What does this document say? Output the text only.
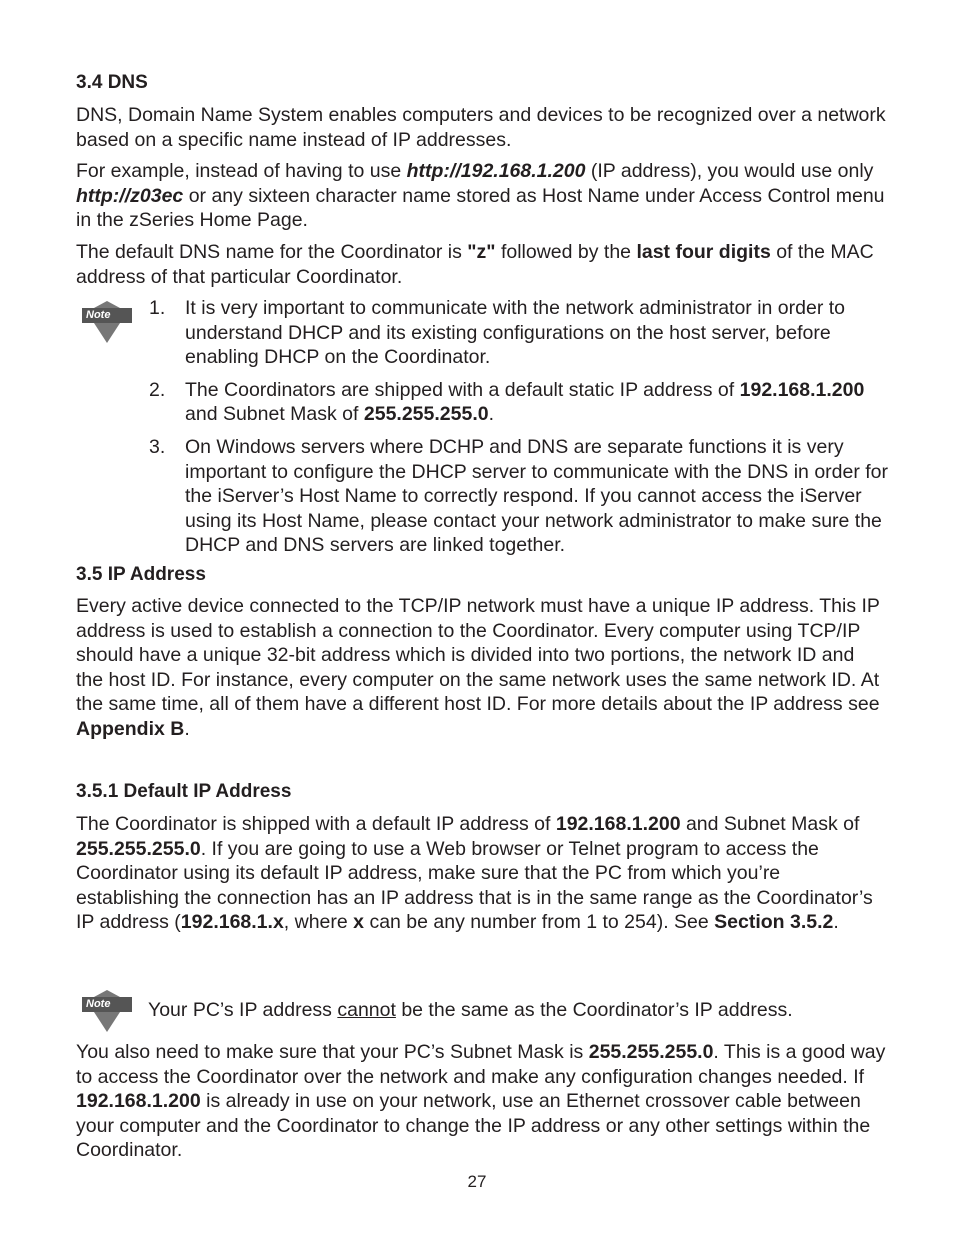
3.4 DNS

DNS, Domain Name System enables computers and devices to be recognized over a network based on a specific name instead of IP addresses.

For example, instead of having to use http://192.168.1.200 (IP address), you would use only http://z03ec or any sixteen character name stored as Host Name under Access Control menu in the zSeries Home Page.

The default DNS name for the Coordinator is "z" followed by the last four digits of the MAC address of that particular Coordinator.

Note	1. It is very important to communicate with the network administrator in order to understand DHCP and its existing configurations on the host server, before enabling DHCP on the Coordinator.
2. The Coordinators are shipped with a default static IP address of 192.168.1.200 and Subnet Mask of 255.255.255.0.
3. On Windows servers where DCHP and DNS are separate functions it is very important to configure the DHCP server to communicate with the DNS in order for the iServer’s Host Name to correctly respond. If you cannot access the iServer using its Host Name, please contact your network administrator to make sure the DHCP and DNS servers are linked together.
3.5 IP Address

Every active device connected to the TCP/IP network must have a unique IP address. This IP address is used to establish a connection to the Coordinator. Every computer using TCP/IP should have a unique 32-bit address which is divided into two portions, the network ID and the host ID. For instance, every computer on the same network uses the same network ID. At the same time, all of them have a different host ID. For more details about the IP address see Appendix B.

3.5.1 Default IP Address

The Coordinator is shipped with a default IP address of 192.168.1.200 and Subnet Mask of 255.255.255.0. If you are going to use a Web browser or Telnet program to access the Coordinator using its default IP address, make sure that the PC from which you’re establishing the connection has an IP address that is in the same range as the Coordinator’s IP address (192.168.1.x, where x can be any number from 1 to 254). See Section 3.5.2.

Note	Your PC’s IP address cannot be the same as the Coordinator’s IP address.

You also need to make sure that your PC’s Subnet Mask is 255.255.255.0. This is a good way to access the Coordinator over the network and make any configuration changes needed. If 192.168.1.200 is already in use on your network, use an Ethernet crossover cable between your computer and the Coordinator to change the IP address or any other settings within the Coordinator.

27
